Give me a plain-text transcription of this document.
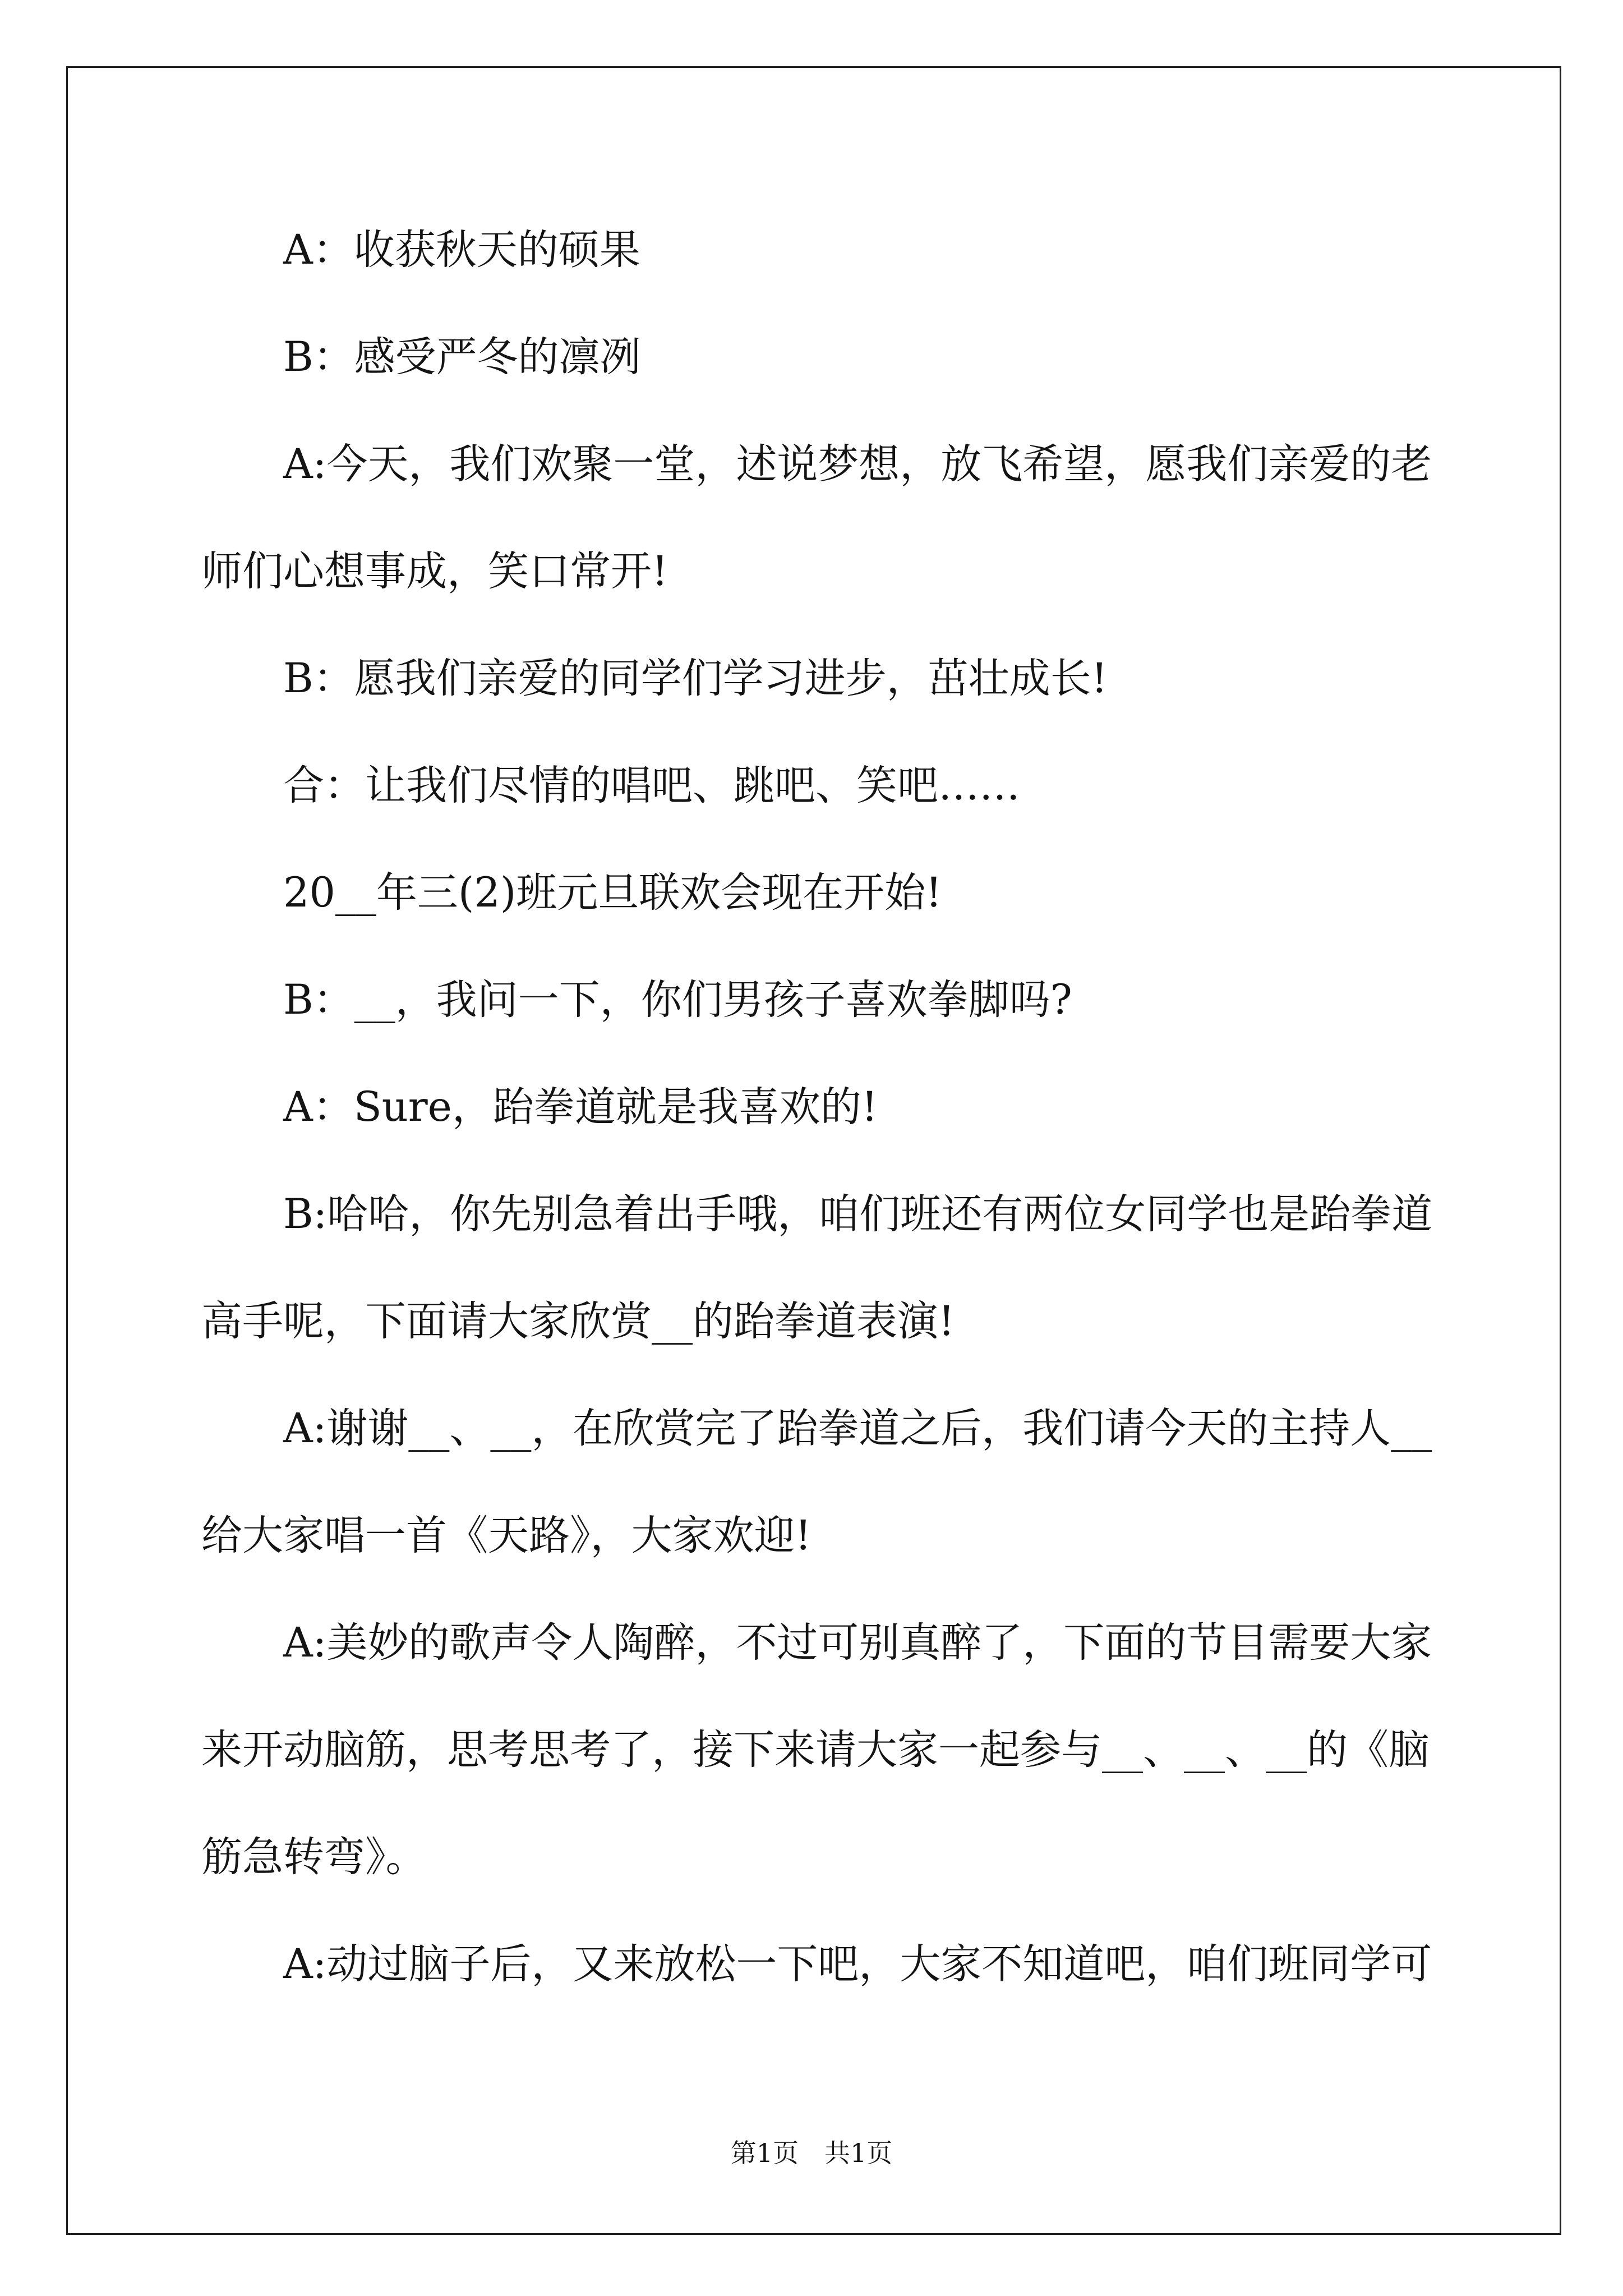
A：收获秋天的硕果
B：感受严冬的凛冽
A:今天，我们欢聚一堂，述说梦想，放飞希望，愿我们亲爱的老
师们心想事成，笑口常开!
B：愿我们亲爱的同学们学习进步，茁壮成长!
合：让我们尽情的唱吧、跳吧、笑吧……
20__年三(2)班元旦联欢会现在开始!
B：__，我问一下，你们男孩子喜欢拳脚吗?
A：Sure，跆拳道就是我喜欢的!
B:哈哈，你先别急着出手哦，咱们班还有两位女同学也是跆拳道
高手呢，下面请大家欣赏__的跆拳道表演!
A:谢谢__、__，在欣赏完了跆拳道之后，我们请今天的主持人__
给大家唱一首《天路》，大家欢迎!
A:美妙的歌声令人陶醉，不过可别真醉了，下面的节目需要大家
来开动脑筋，思考思考了，接下来请大家一起参与__、__、__的《脑
筋急转弯》。
A:动过脑子后，又来放松一下吧，大家不知道吧，咱们班同学可
第1页　共1页
